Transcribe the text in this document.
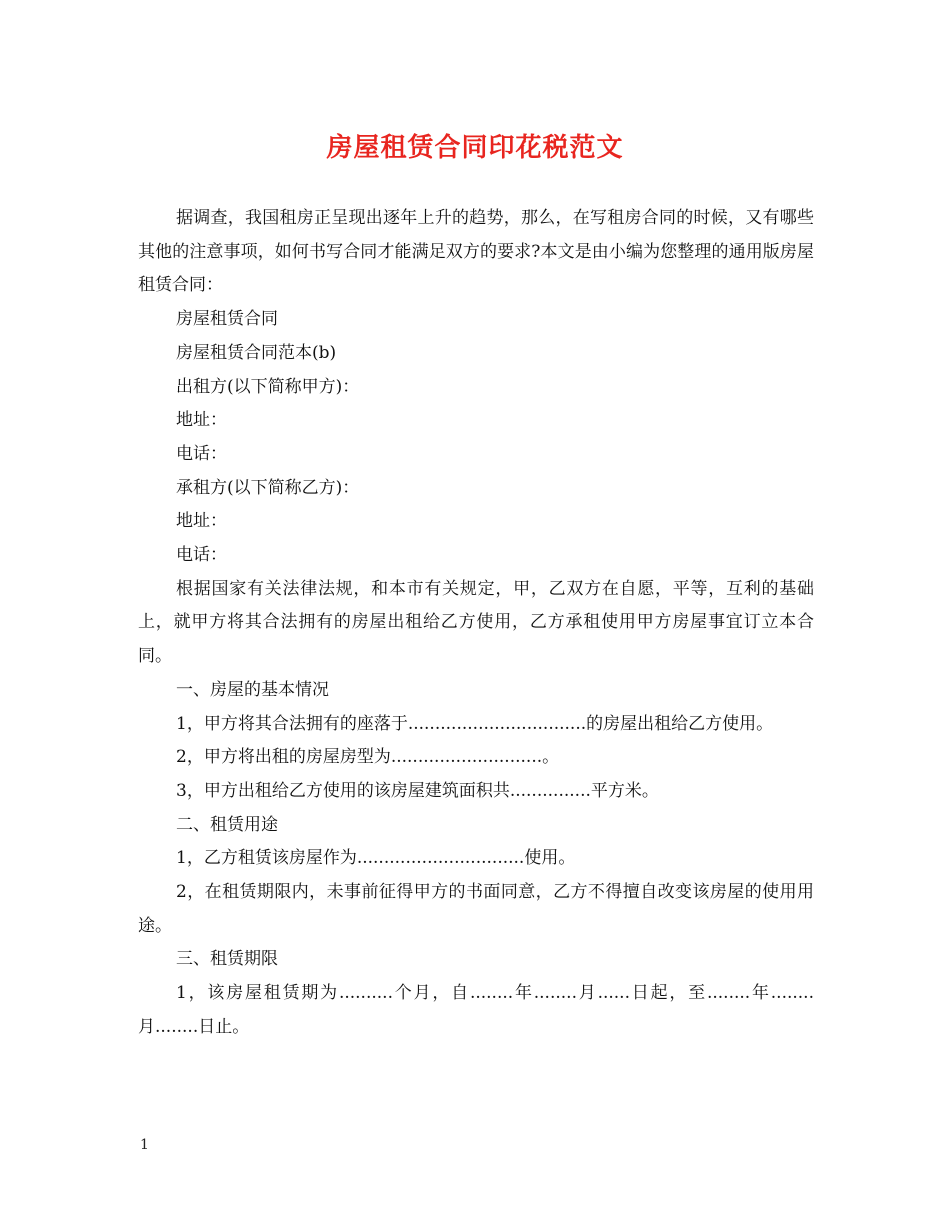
房屋租赁合同印花税范文

据调查，我国租房正呈现出逐年上升的趋势，那么，在写租房合同的时候，又有哪些其他的注意事项，如何书写合同才能满足双方的要求?本文是由小编为您整理的通用版房屋租赁合同：

房屋租赁合同

房屋租赁合同范本(b)

出租方(以下简称甲方)：

地址：

电话：

承租方(以下简称乙方)：

地址：

电话：

根据国家有关法律法规，和本市有关规定，甲，乙双方在自愿，平等，互利的基础上，就甲方将其合法拥有的房屋出租给乙方使用，乙方承租使用甲方房屋事宜订立本合同。

一、房屋的基本情况

1，甲方将其合法拥有的座落于.................................的房屋出租给乙方使用。

2，甲方将出租的房屋房型为............................。

3，甲方出租给乙方使用的该房屋建筑面积共...............平方米。

二、租赁用途

1，乙方租赁该房屋作为...............................使用。

2，在租赁期限内，未事前征得甲方的书面同意，乙方不得擅自改变该房屋的使用用途。

三、租赁期限

1，该房屋租赁期为..........个月，自........年........月......日起，至........年........月........日止。

1
